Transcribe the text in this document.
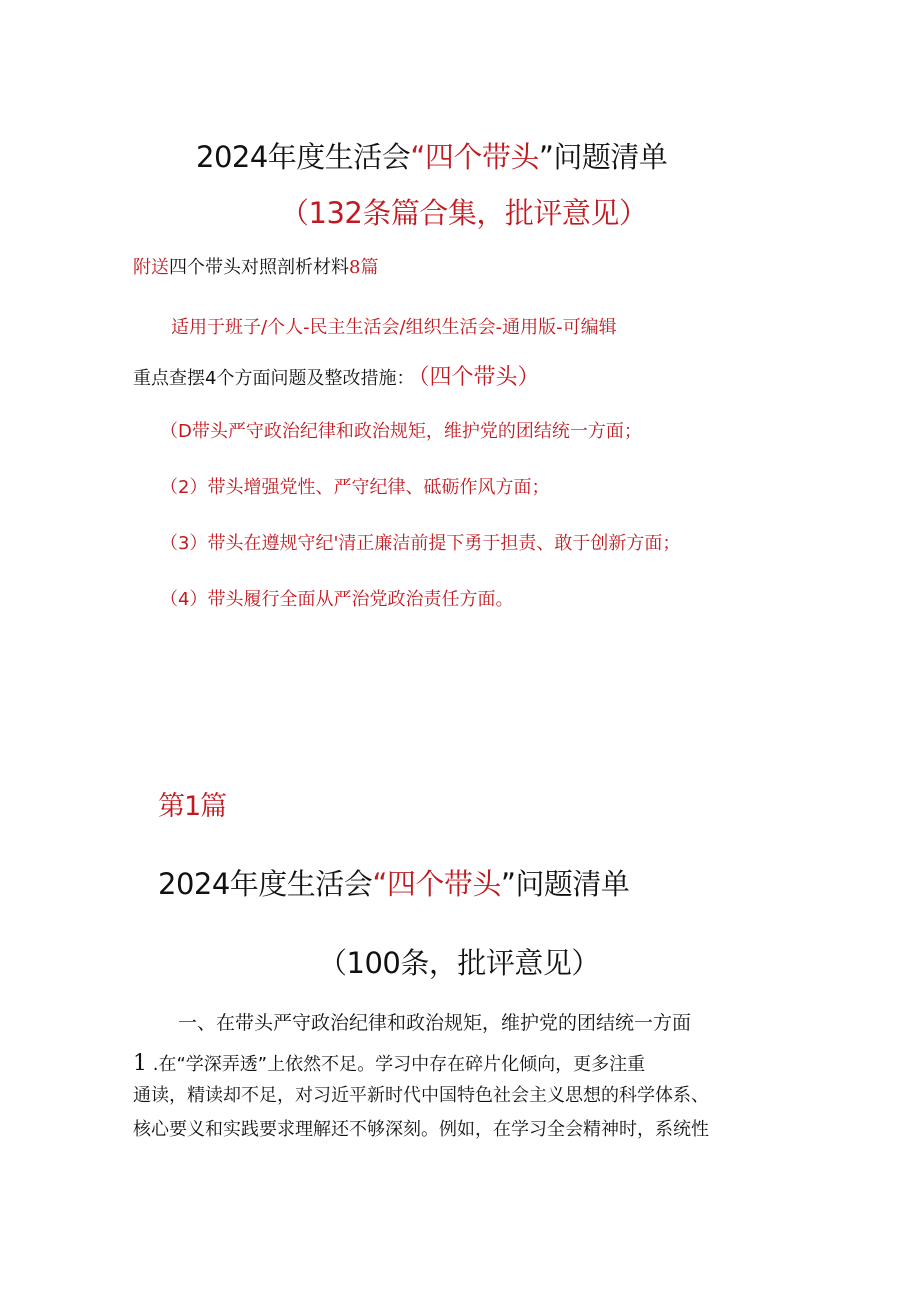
2024年度生活会“四个带头”问题清单
（132条篇合集，批评意见）
附送四个带头对照剖析材料8篇
适用于班子/个人-民主生活会/组织生活会-通用版-可编辑
重点查摆4个方面问题及整改措施： （四个带头）
（D带头严守政治纪律和政治规矩，维护党的团结统一方面；
（2）带头增强党性、严守纪律、砥砺作风方面；
（3）带头在遵规守纪'清正廉洁前提下勇于担责、敢于创新方面；
（4）带头履行全面从严治党政治责任方面。
第1篇
2024年度生活会“四个带头”问题清单
（100条，批评意见）
一、在带头严守政治纪律和政治规矩，维护党的团结统一方面
1 .在“学深弄透”上依然不足。学习中存在碎片化倾向，更多注重
通读，精读却不足，对习近平新时代中国特色社会主义思想的科学体系、
核心要义和实践要求理解还不够深刻。例如，在学习全会精神时，系统性
